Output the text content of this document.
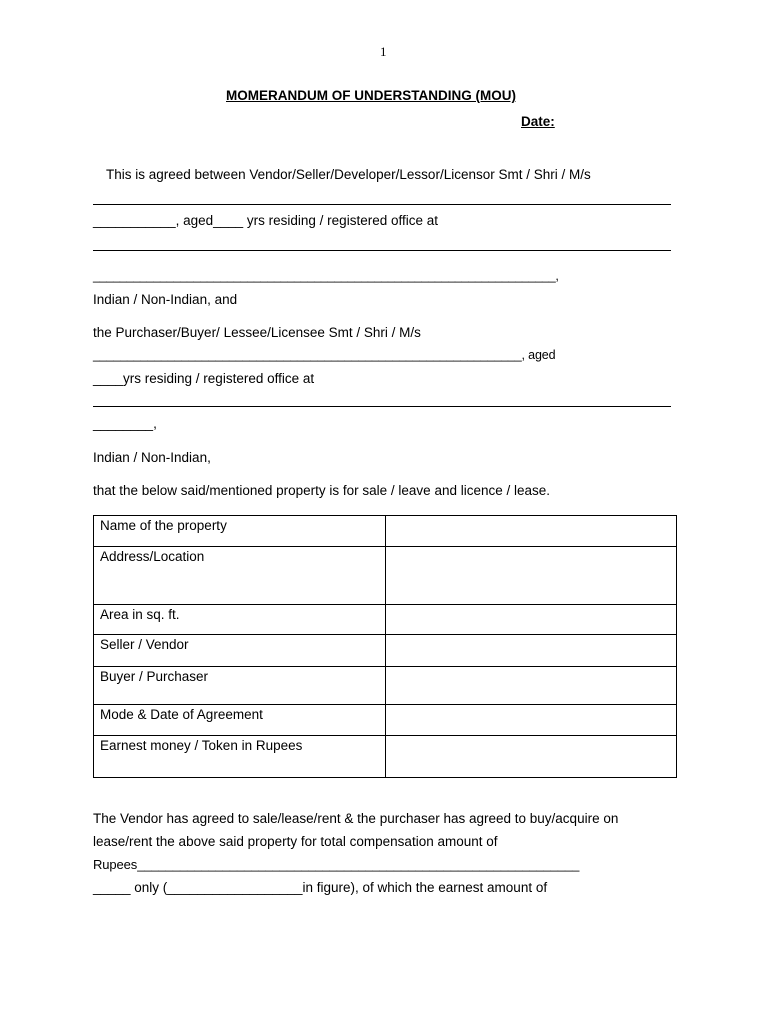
1
MOMERANDUM OF UNDERSTANDING (MOU)
Date:
This is agreed between Vendor/Seller/Developer/Lessor/Licensor Smt / Shri / M/s
___________, aged____ yrs residing / registered office at
_____________________________________________________________________,
Indian / Non-Indian, and
the Purchaser/Buyer/ Lessee/Licensee Smt / Shri / M/s
_______________________________________________________________, aged
____yrs residing / registered office at
________,
Indian / Non-Indian,
that the below said/mentioned property is for sale / leave and licence / lease.
Name of the property	

Address/Location	

Area in sq. ft.	

Seller / Vendor	

Buyer / Purchaser	

Mode & Date of Agreement	

Earnest money / Token in Rupees	

The Vendor has agreed to sale/lease/rent & the purchaser has agreed to buy/acquire on
lease/rent the above said property for total compensation amount of
Rupees______________________________________________________________
_____ only (__________________in figure), of which the earnest amount of
